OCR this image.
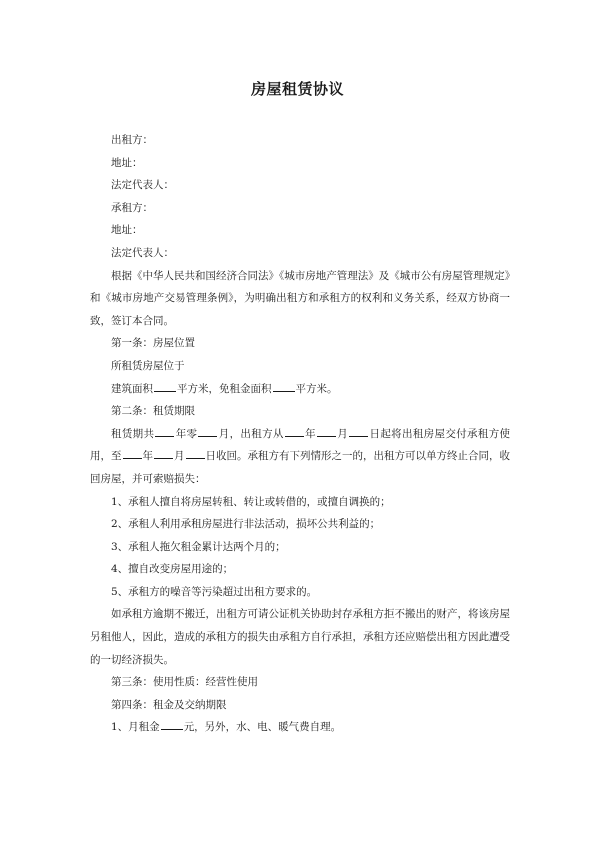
房屋租赁协议

出租方：

地址：

法定代表人：

承租方：

地址：

法定代表人：

根据《中华人民共和国经济合同法》《城市房地产管理法》及《城市公有房屋管理规定》和《城市房地产交易管理条例》，为明确出租方和承租方的权利和义务关系，经双方协商一致，签订本合同。

第一条：房屋位置

所租赁房屋位于

建筑面积 平方米，免租金面积 平方米。

第二条：租赁期限

租赁期共 年零 月，出租方从 年 月 日起将出租房屋交付承租方使用，至 年 月 日收回。承租方有下列情形之一的，出租方可以单方终止合同，收回房屋，并可索赔损失：

1、承租人擅自将房屋转租、转让或转借的，或擅自调换的；

2、承租人利用承租房屋进行非法活动，损坏公共利益的；

3、承租人拖欠租金累计达两个月的；

4、擅自改变房屋用途的；

5、承租方的噪音等污染超过出租方要求的。

如承租方逾期不搬迁，出租方可请公证机关协助封存承租方拒不搬出的财产，将该房屋另租他人，因此，造成的承租方的损失由承租方自行承担，承租方还应赔偿出租方因此遭受的一切经济损失。

第三条：使用性质：经营性使用

第四条：租金及交纳期限

1、月租金 元，另外，水、电、暖气费自理。
